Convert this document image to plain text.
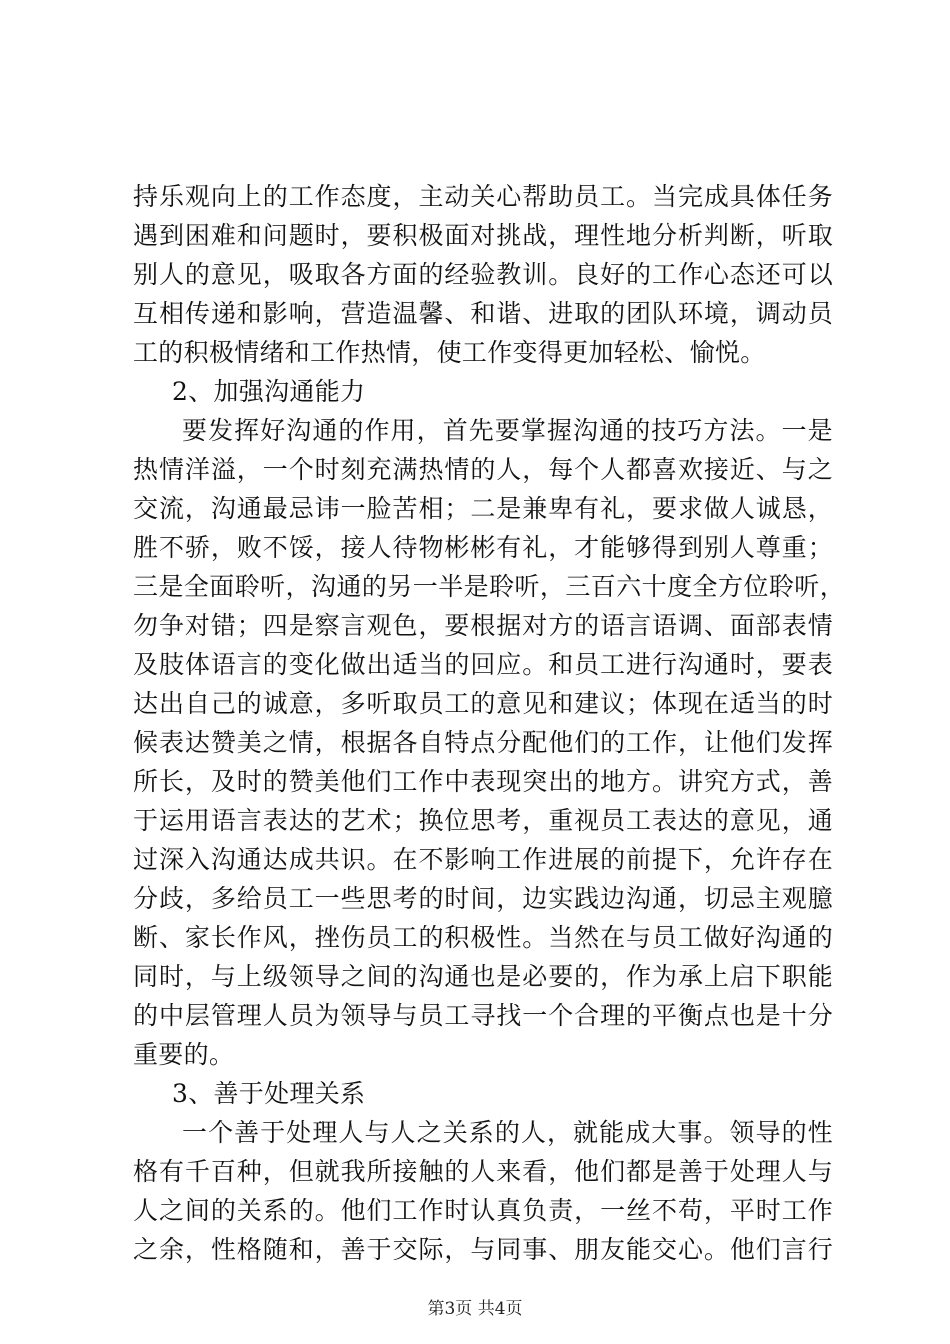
持乐观向上的工作态度，主动关心帮助员工。当完成具体任务
遇到困难和问题时，要积极面对挑战，理性地分析判断，听取
别人的意见，吸取各方面的经验教训。良好的工作心态还可以
互相传递和影响，营造温馨、和谐、进取的团队环境，调动员
工的积极情绪和工作热情，使工作变得更加轻松、愉悦。
2、加强沟通能力
要发挥好沟通的作用，首先要掌握沟通的技巧方法。一是
热情洋溢，一个时刻充满热情的人，每个人都喜欢接近、与之
交流，沟通最忌讳一脸苦相；二是兼卑有礼，要求做人诚恳，
胜不骄，败不馁，接人待物彬彬有礼，才能够得到别人尊重；
三是全面聆听，沟通的另一半是聆听，三百六十度全方位聆听，
勿争对错；四是察言观色，要根据对方的语言语调、面部表情
及肢体语言的变化做出适当的回应。和员工进行沟通时，要表
达出自己的诚意，多听取员工的意见和建议；体现在适当的时
候表达赞美之情，根据各自特点分配他们的工作，让他们发挥
所长，及时的赞美他们工作中表现突出的地方。讲究方式，善
于运用语言表达的艺术；换位思考，重视员工表达的意见，通
过深入沟通达成共识。在不影响工作进展的前提下，允许存在
分歧，多给员工一些思考的时间，边实践边沟通，切忌主观臆
断、家长作风，挫伤员工的积极性。当然在与员工做好沟通的
同时，与上级领导之间的沟通也是必要的，作为承上启下职能
的中层管理人员为领导与员工寻找一个合理的平衡点也是十分
重要的。
3、善于处理关系
一个善于处理人与人之关系的人，就能成大事。领导的性
格有千百种，但就我所接触的人来看，他们都是善于处理人与
人之间的关系的。他们工作时认真负责，一丝不苟，平时工作
之余，性格随和，善于交际，与同事、朋友能交心。他们言行
第3页 共4页
